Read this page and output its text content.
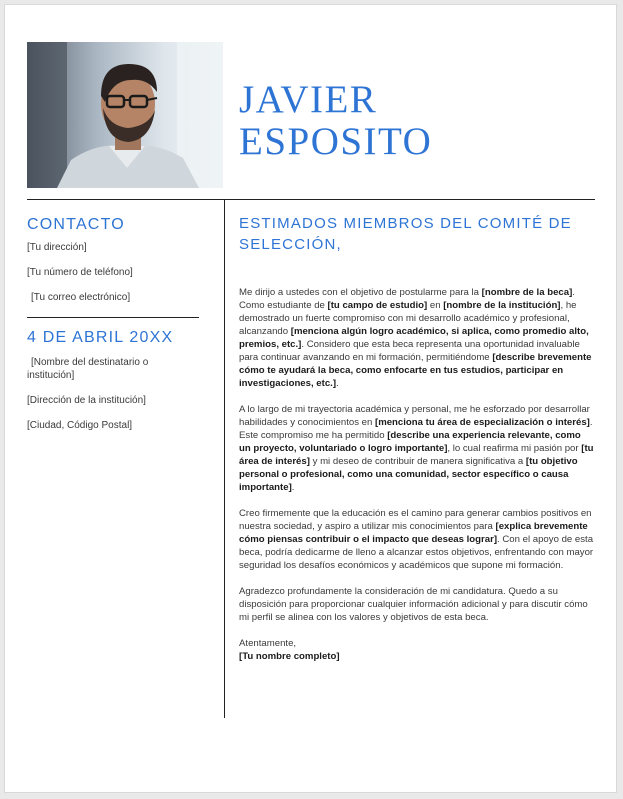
JAVIER
ESPOSITO
CONTACTO
[Tu dirección]
[Tu número de teléfono]
[Tu correo electrónico]
4 DE ABRIL 20XX
[Nombre del destinatario o institución]
[Dirección de la institución]
[Ciudad, Código Postal]
ESTIMADOS MIEMBROS DEL COMITÉ DE SELECCIÓN,

Me dirijo a ustedes con el objetivo de postularme para la [nombre de la beca]. Como estudiante de [tu campo de estudio] en [nombre de la institución], he demostrado un fuerte compromiso con mi desarrollo académico y profesional, alcanzando [menciona algún logro académico, si aplica, como promedio alto, premios, etc.]. Considero que esta beca representa una oportunidad invaluable para continuar avanzando en mi formación, permitiéndome [describe brevemente cómo te ayudará la beca, como enfocarte en tus estudios, participar en investigaciones, etc.].

A lo largo de mi trayectoria académica y personal, me he esforzado por desarrollar habilidades y conocimientos en [menciona tu área de especialización o interés]. Este compromiso me ha permitido [describe una experiencia relevante, como un proyecto, voluntariado o logro importante], lo cual reafirma mi pasión por [tu área de interés] y mi deseo de contribuir de manera significativa a [tu objetivo personal o profesional, como una comunidad, sector específico o causa importante].

Creo firmemente que la educación es el camino para generar cambios positivos en nuestra sociedad, y aspiro a utilizar mis conocimientos para [explica brevemente cómo piensas contribuir o el impacto que deseas lograr]. Con el apoyo de esta beca, podría dedicarme de lleno a alcanzar estos objetivos, enfrentando con mayor seguridad los desafíos económicos y académicos que supone mi formación.

Agradezco profundamente la consideración de mi candidatura. Quedo a su disposición para proporcionar cualquier información adicional y para discutir cómo mi perfil se alinea con los valores y objetivos de esta beca.

Atentamente,
[Tu nombre completo]
